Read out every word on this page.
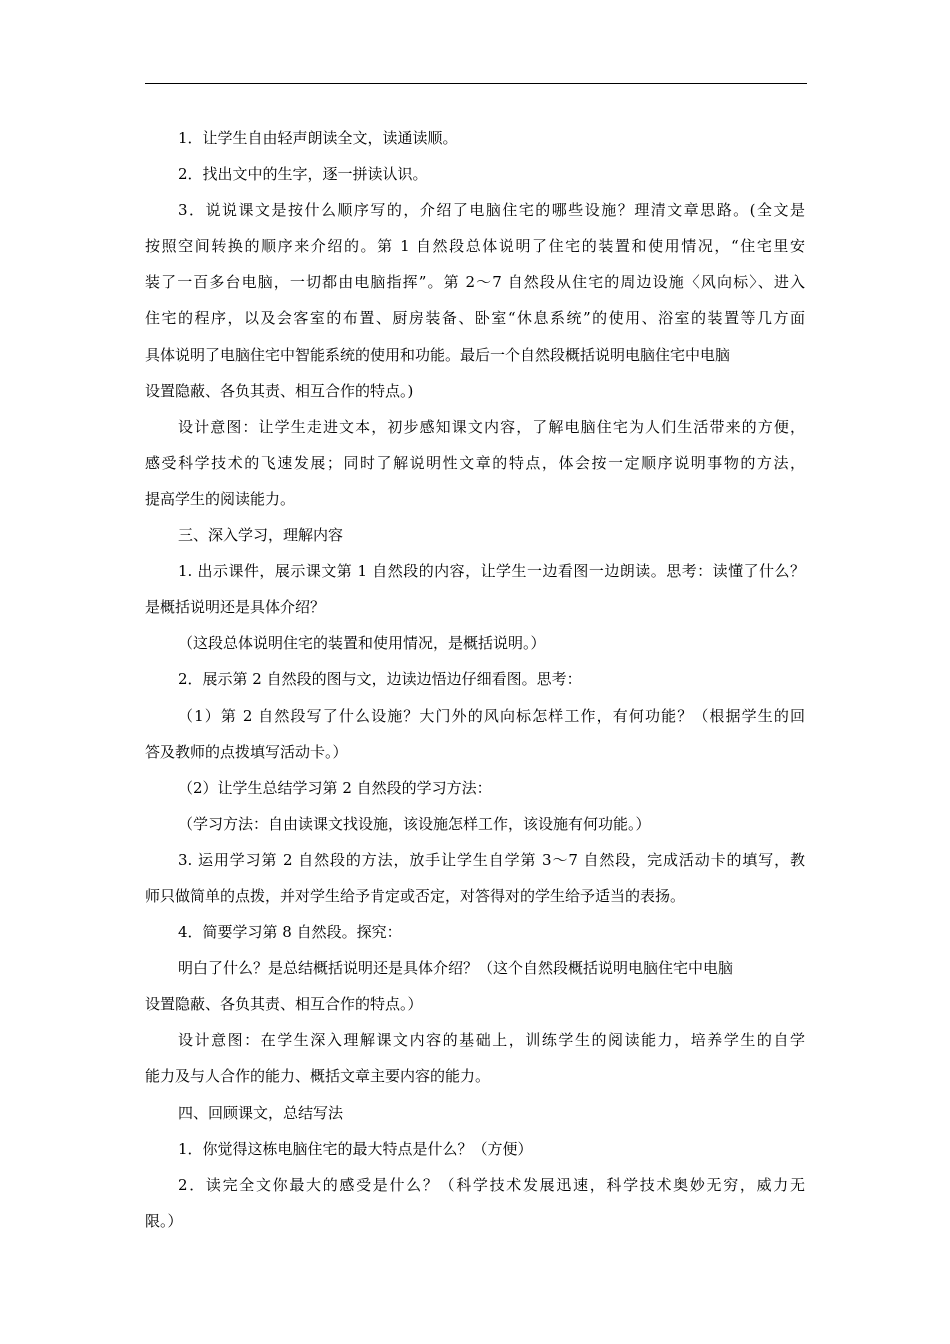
1．让学生自由轻声朗读全文，读通读顺。
2．找出文中的生字，逐一拼读认识。
3．说说课文是按什么顺序写的，介绍了电脑住宅的哪些设施？理清文章思路。(全文是
按照空间转换的顺序来介绍的。第 1 自然段总体说明了住宅的装置和使用情况，“住宅里安
装了一百多台电脑，一切都由电脑指挥”。第 2～7 自然段从住宅的周边设施〈风向标〉、进入
住宅的程序，以及会客室的布置、厨房装备、卧室“休息系统”的使用、浴室的装置等几方面
具体说明了电脑住宅中智能系统的使用和功能。最后一个自然段概括说明电脑住宅中电脑
设置隐蔽、各负其责、相互合作的特点。)
设计意图：让学生走进文本，初步感知课文内容，了解电脑住宅为人们生活带来的方便，
感受科学技术的飞速发展；同时了解说明性文章的特点，体会按一定顺序说明事物的方法，
提高学生的阅读能力。
三、深入学习，理解内容
1. 出示课件，展示课文第 1 自然段的内容，让学生一边看图一边朗读。思考：读懂了什么？
是概括说明还是具体介绍？
（这段总体说明住宅的装置和使用情况，是概括说明。）
2．展示第 2 自然段的图与文，边读边悟边仔细看图。思考：
（1）第 2 自然段写了什么设施？大门外的风向标怎样工作，有何功能？（根据学生的回
答及教师的点拨填写活动卡。）
（2）让学生总结学习第 2 自然段的学习方法：
（学习方法：自由读课文找设施，该设施怎样工作，该设施有何功能。）
3. 运用学习第 2 自然段的方法，放手让学生自学第 3～7 自然段，完成活动卡的填写，教
师只做简单的点拨，并对学生给予肯定或否定，对答得对的学生给予适当的表扬。
4．简要学习第 8 自然段。探究：
明白了什么？是总结概括说明还是具体介绍？（这个自然段概括说明电脑住宅中电脑
设置隐蔽、各负其责、相互合作的特点。）
设计意图：在学生深入理解课文内容的基础上，训练学生的阅读能力，培养学生的自学
能力及与人合作的能力、概括文章主要内容的能力。
四、回顾课文，总结写法
1．你觉得这栋电脑住宅的最大特点是什么？（方便）
2．读完全文你最大的感受是什么？（科学技术发展迅速，科学技术奥妙无穷，威力无
限。）
